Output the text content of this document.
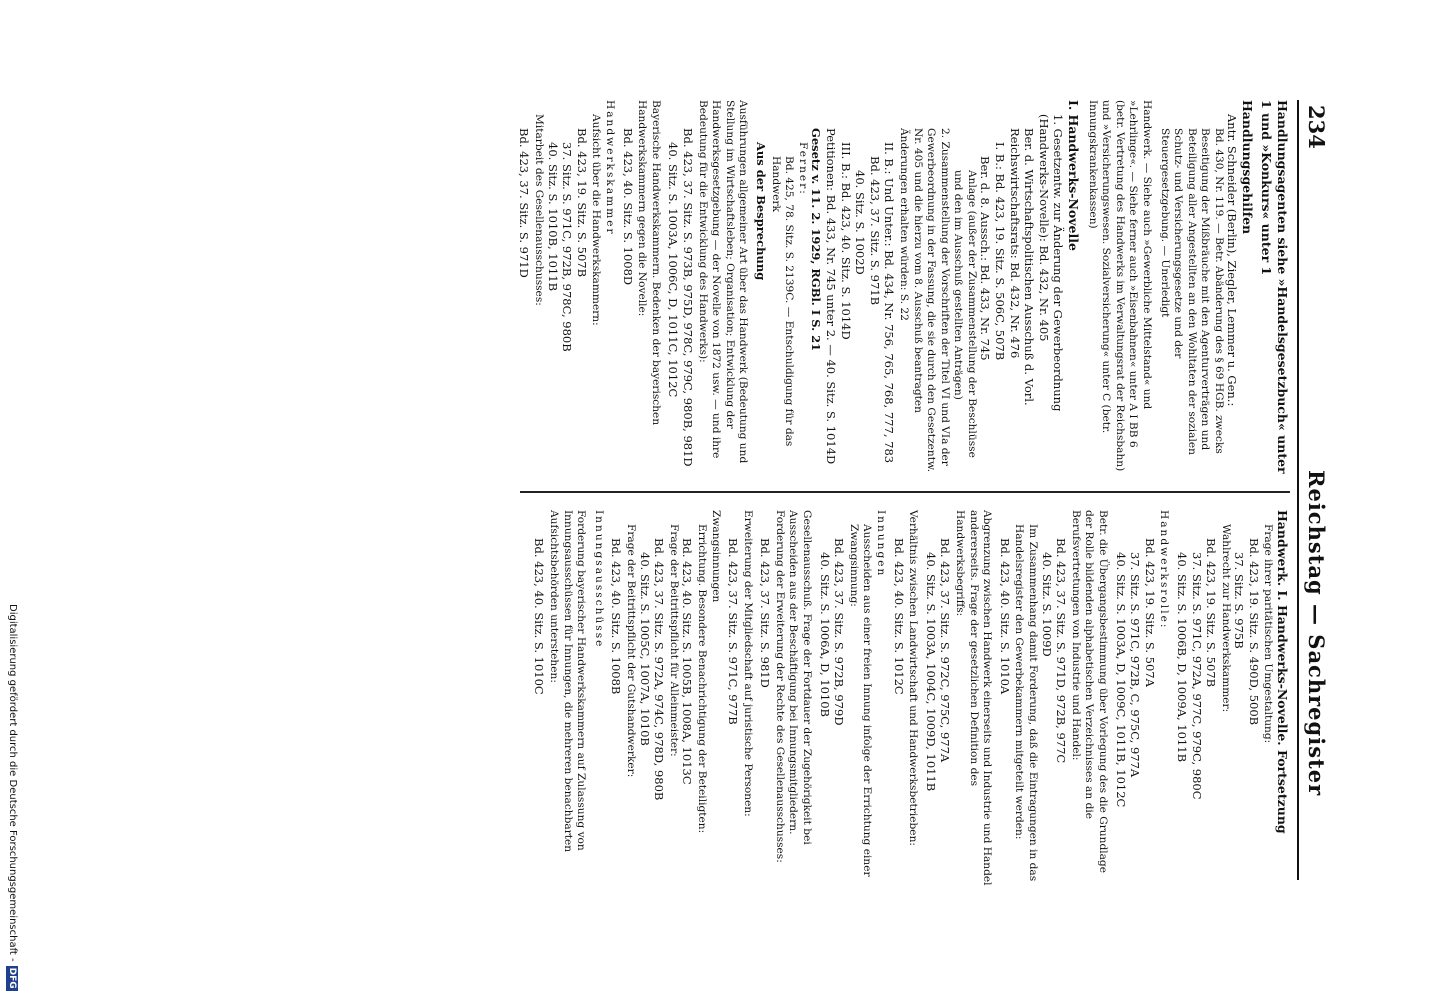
234
Reichstag — Sachregister

Handlungsagenten siehe »Handelsgesetzbuch« unter 1 und »Konkurs« unter 1

Handlungsgehilfen

Antr. Schneider (Berlin), Ziegler, Lemmer u. Gen.:

Bd. 430, Nr. 119. — Betr. Abänderung des § 69 HGB. zwecks Beseitigung der Mißbräuche mit den Agenturverträgen und Beteiligung aller Angestellten an den Wohltaten der sozialen Schutz- und Versicherungsgesetze und der Steuergesetzgebung. — Unerledigt

Handwerk. — Siehe auch »Gewerbliche Mittelstand« und »Lehrlinge«. — Siehe ferner auch »Eisenbahnen« unter A I BB 6 (betr. Vertretung des Handwerks im Verwaltungsrat der Reichsbahn) und »Versicherungswesen. Sozialversicherung« unter C (betr. Innungskrankenkassen)

I. Handwerks-Novelle

1. Gesetzentw. zur Änderung der Gewerbeordnung (Handwerks-Novelle): Bd. 432, Nr. 405

Ber. d. Wirtschaftspolitischen Ausschuß d. Vorl. Reichswirtschaftsrats: Bd. 432, Nr. 476

I. B.: Bd. 423, 19. Sitz. S. 506C, 507B

Ber. d. 8. Aussch.: Bd. 433, Nr. 745

Anlage (außer der Zusammenstellung der Beschlüsse und den im Ausschuß gestellten Anträgen)

2. Zusammenstellung der Vorschriften der Titel VI und VIa der Gewerbeordnung in der Fassung, die sie durch den Gesetzentw. Nr. 405 und die hierzu vom 8. Ausschuß beantragten Änderungen erhalten würden: S. 22

II. B.: Und Unter.: Bd. 434, Nr. 756, 765, 768, 777, 783

Bd. 423, 37. Sitz. S. 971B

40. Sitz. S. 1002D

III. B.: Bd. 423, 40. Sitz. S. 1014D

Petitionen: Bd. 433, Nr. 745 unter 2. — 40. Sitz. S. 1014D

Gesetz v. 11. 2. 1929, RGBl. I S. 21

Ferner:

Bd. 425, 78. Sitz. S. 2139C. — Entschuldigung für das Handwerk

Aus der Besprechung

Ausführungen allgemeiner Art über das Handwerk (Bedeutung und Stellung im Wirtschaftsleben; Organisation; Entwicklung der Handwerksgesetzgebung — der Novelle von 1872 usw. — und ihre Bedeutung für die Entwicklung des Handwerks):

Bd. 423, 37. Sitz. S. 973B, 975D, 978C, 979C, 980B, 981D

40. Sitz. S. 1003A, 1006C, D, 1011C, 1012C

Bayerische Handwerkskammern. Bedenken der bayerischen Handwerkskammern gegen die Novelle:

Bd. 423, 40. Sitz. S. 1008D

Handwerkskammer

Aufsicht über die Handwerkskammern:

Bd. 423, 19. Sitz. S. 507B

37. Sitz. S. 971C, 972B, 978C, 980B

40. Sitz. S. 1010B, 1011B

Mitarbeit des Gesellenausschusses:

Bd. 423, 37. Sitz. S. 971D

Handwerk. I. Handwerks-Novelle. Fortsetzung

Frage ihrer paritätischen Umgestaltung:

Bd. 423, 19. Sitz. S. 490D, 500B

37. Sitz. S. 975B

Wahlrecht zur Handwerkskammer:

Bd. 423, 19. Sitz. S. 507B

37. Sitz. S. 971C, 972A, 977C, 979C, 980C

40. Sitz. S. 1006B, D, 1009A, 1011B

Handwerksrolle:

Bd. 423, 19. Sitz. S. 507A

37. Sitz. S. 971C, 972B, C, 975C, 977A

40. Sitz. S. 1003A, D, 1009C, 1011B, 1012C

Betr. die Übergangsbestimmung über Vorlegung des die Grundlage der Rolle bildenden alphabetischen Verzeichnisses an die Berufsvertretungen von Industrie und Handel:

Bd. 423, 37. Sitz. S. 971D, 972B, 977C

40. Sitz. S. 1009D

Im Zusammenhang damit Forderung, daß die Eintragungen in das Handelsregister den Gewerbekammern mitgeteilt werden:

Bd. 423, 40. Sitz. S. 1010A

Abgrenzung zwischen Handwerk einerseits und Industrie und Handel andererseits. Frage der gesetzlichen Definition des Handwerksbegriffs:

Bd. 423, 37. Sitz. S. 972C, 975C, 977A

40. Sitz. S. 1003A, 1004C, 1009D, 1011B

Verhältnis zwischen Landwirtschaft und Handwerksbetrieben:

Bd. 423, 40. Sitz. S. 1012C

Innungen

Ausscheiden aus einer freien Innung infolge der Errichtung einer Zwangsinnung:

Bd. 423, 37. Sitz. S. 972B, 979D

40. Sitz. S. 1006A, D, 1010B

Gesellenausschuß. Frage der Fortdauer der Zugehörigkeit bei Ausscheiden aus der Beschäftigung bei Innungsmitgliedern. Forderung der Erweiterung der Rechte des Gesellenausschusses:

Bd. 423, 37. Sitz. S. 981D

Erweiterung der Mitgliedschaft auf juristische Personen:

Bd. 423, 37. Sitz. S. 971C, 977B

Zwangsinnungen

Errichtung. Besondere Benachrichtigung der Beteiligten:

Bd. 423, 40. Sitz. S. 1005B, 1008A, 1013C

Frage der Beitrittspflicht für Alleinmeister:

Bd. 423, 37. Sitz. S. 972A, 974C, 978D, 980B

40. Sitz. S. 1005C, 1007A, 1010B

Frage der Beitrittspflicht der Gutshandwerker:

Bd. 423, 40. Sitz. S. 1008B

Innungsausschüsse

Forderung bayerischer Handwerkskammern auf Zulassung von Innungsausschüssen für Innungen, die mehreren benachbarten Aufsichtsbehörden unterstehen:

Bd. 423, 40. Sitz. S. 1010C

Digitalisierung gefördert durch die Deutsche Forschungsgemeinschaft -
DFG
